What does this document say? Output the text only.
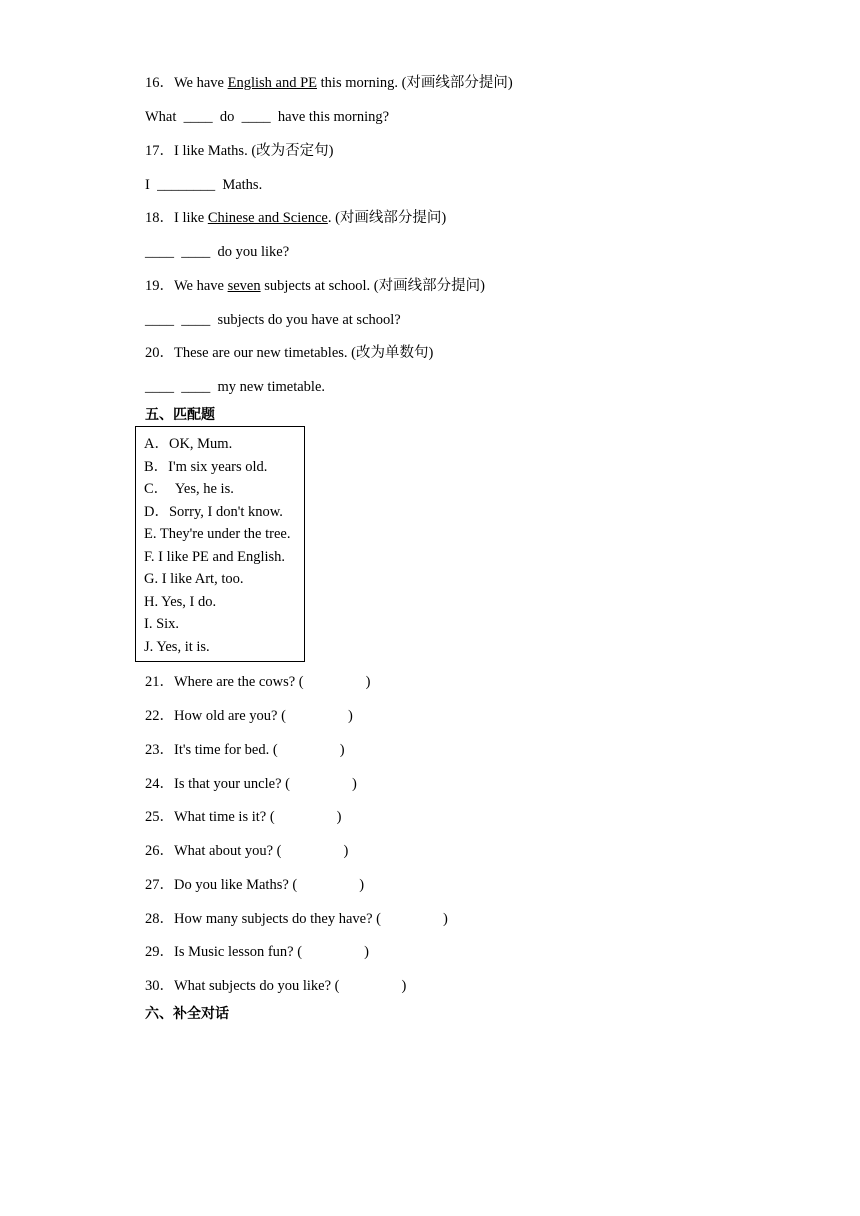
16．We have English and PE this morning. (对画线部分提问)
What  ____  do  ____  have this morning?
17．I like Maths. (改为否定句)
I  ________  Maths.
18．I like Chinese and Science. (对画线部分提问)
____  ____  do you like?
19．We have seven subjects at school. (对画线部分提问)
____  ____  subjects do you have at school?
20．These are our new timetables. (改为单数句)
____  ____  my new timetable.
五、匹配题
A．OK, Mum.
B．I'm six years old.
C．  Yes, he is.
D．Sorry, I don't know.
E. They're under the tree.
F. I like PE and English.
G. I like Art, too.
H. Yes, I do.
I. Six.
J. Yes, it is.
21．Where are the cows? (	)
22．How old are you? (	)
23．It's time for bed. (	)
24．Is that your uncle? (	)
25．What time is it? (	)
26．What about you? (	)
27．Do you like Maths? (	)
28．How many subjects do they have? (	)
29．Is Music lesson fun? (	)
30．What subjects do you like? (	)
六、补全对话
